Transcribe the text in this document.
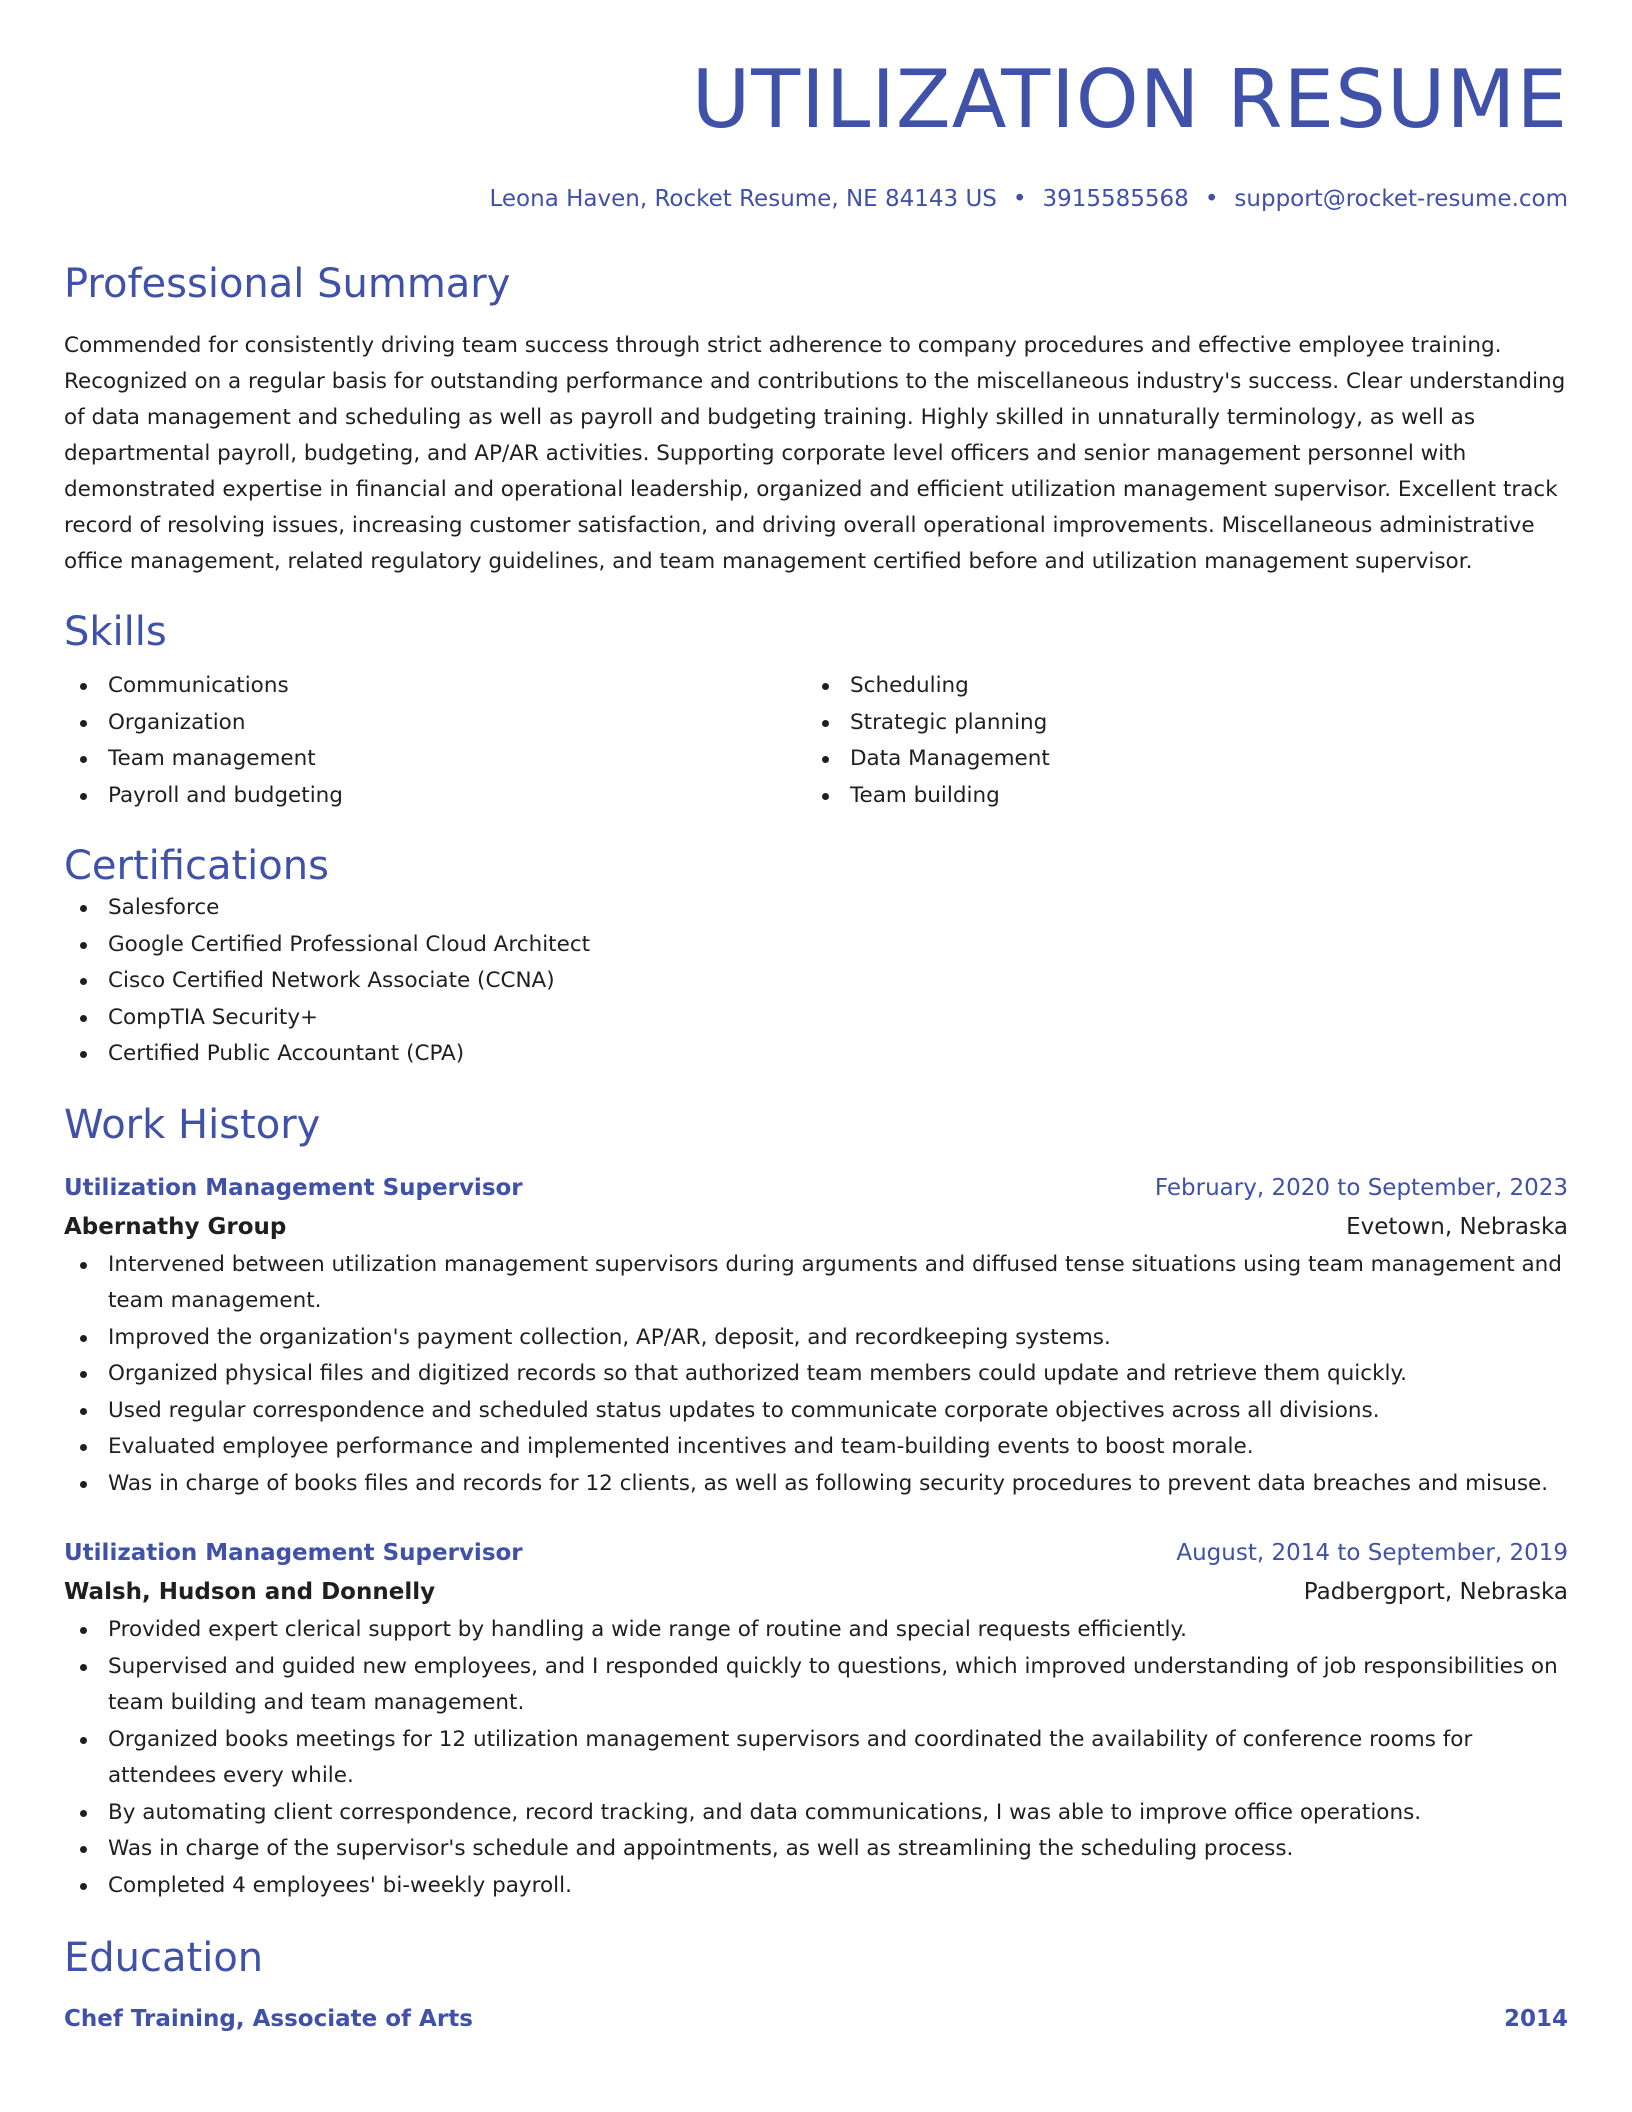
UTILIZATION RESUME
Leona Haven, Rocket Resume, NE 84143 US • 3915585568 • support@rocket-resume.com
Professional Summary
Commended for consistently driving team success through strict adherence to company procedures and effective employee training. Recognized on a regular basis for outstanding performance and contributions to the miscellaneous industry's success. Clear understanding of data management and scheduling as well as payroll and budgeting training. Highly skilled in unnaturally terminology, as well as departmental payroll, budgeting, and AP/AR activities. Supporting corporate level officers and senior management personnel with demonstrated expertise in financial and operational leadership, organized and efficient utilization management supervisor. Excellent track record of resolving issues, increasing customer satisfaction, and driving overall operational improvements. Miscellaneous administrative office management, related regulatory guidelines, and team management certified before and utilization management supervisor.
Skills
Communications
Organization
Team management
Payroll and budgeting
Scheduling
Strategic planning
Data Management
Team building
Certifications
Salesforce
Google Certified Professional Cloud Architect
Cisco Certified Network Associate (CCNA)
CompTIA Security+
Certified Public Accountant (CPA)
Work History
Utilization Management Supervisor	February, 2020 to September, 2023
Abernathy Group	Evetown, Nebraska
Intervened between utilization management supervisors during arguments and diffused tense situations using team management and team management.
Improved the organization's payment collection, AP/AR, deposit, and recordkeeping systems.
Organized physical files and digitized records so that authorized team members could update and retrieve them quickly.
Used regular correspondence and scheduled status updates to communicate corporate objectives across all divisions.
Evaluated employee performance and implemented incentives and team-building events to boost morale.
Was in charge of books files and records for 12 clients, as well as following security procedures to prevent data breaches and misuse.
Utilization Management Supervisor	August, 2014 to September, 2019
Walsh, Hudson and Donnelly	Padbergport, Nebraska
Provided expert clerical support by handling a wide range of routine and special requests efficiently.
Supervised and guided new employees, and I responded quickly to questions, which improved understanding of job responsibilities on team building and team management.
Organized books meetings for 12 utilization management supervisors and coordinated the availability of conference rooms for attendees every while.
By automating client correspondence, record tracking, and data communications, I was able to improve office operations.
Was in charge of the supervisor's schedule and appointments, as well as streamlining the scheduling process.
Completed 4 employees' bi-weekly payroll.
Education
Chef Training, Associate of Arts	2014
